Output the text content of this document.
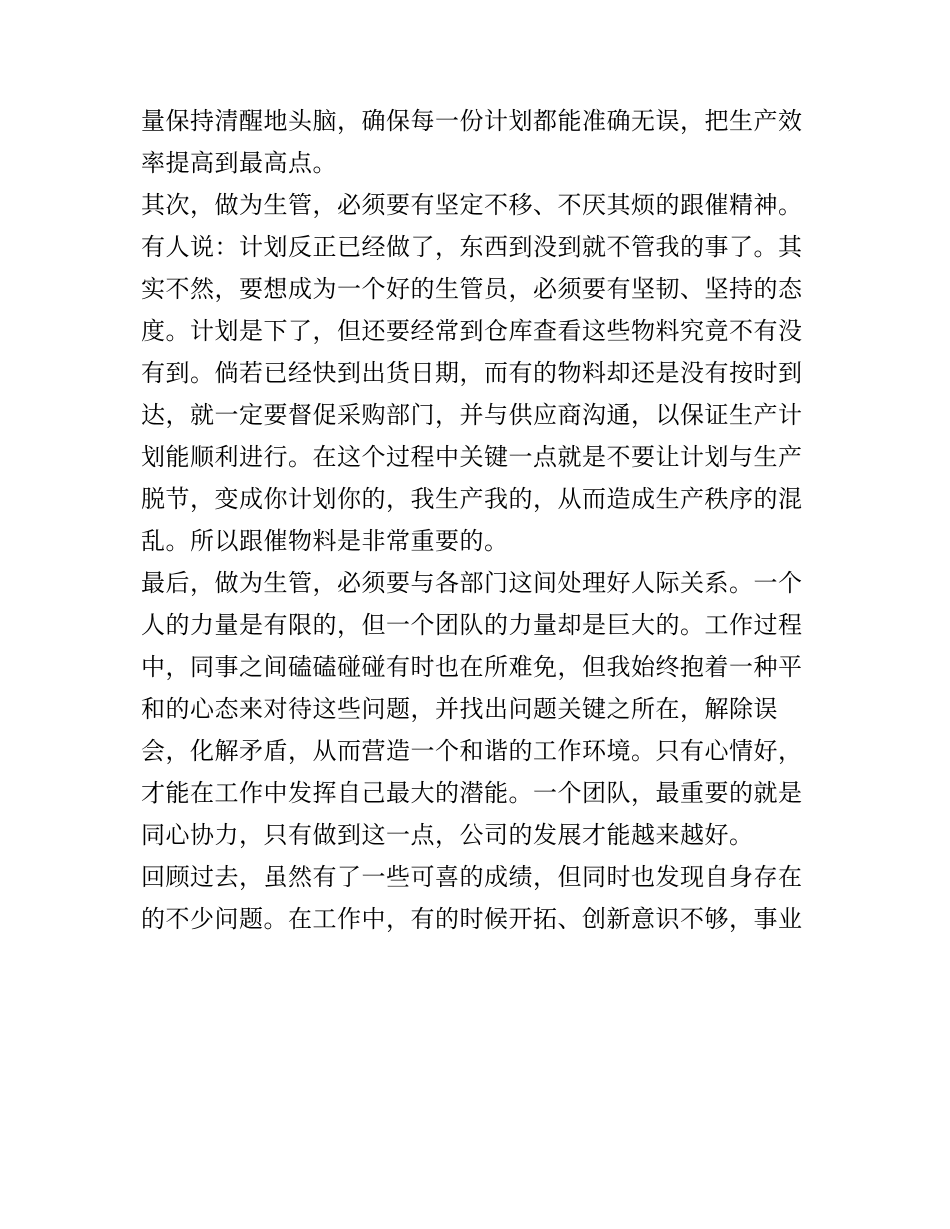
量保持清醒地头脑，确保每一份计划都能准确无误，把生产效
率提高到最高点。
其次，做为生管，必须要有坚定不移、不厌其烦的跟催精神。
有人说：计划反正已经做了，东西到没到就不管我的事了。其
实不然，要想成为一个好的生管员，必须要有坚韧、坚持的态
度。计划是下了，但还要经常到仓库查看这些物料究竟不有没
有到。倘若已经快到出货日期，而有的物料却还是没有按时到
达，就一定要督促采购部门，并与供应商沟通，以保证生产计
划能顺利进行。在这个过程中关键一点就是不要让计划与生产
脱节，变成你计划你的，我生产我的，从而造成生产秩序的混
乱。所以跟催物料是非常重要的。
最后，做为生管，必须要与各部门这间处理好人际关系。一个
人的力量是有限的，但一个团队的力量却是巨大的。工作过程
中，同事之间磕磕碰碰有时也在所难免，但我始终抱着一种平
和的心态来对待这些问题，并找出问题关键之所在，解除误
会，化解矛盾，从而营造一个和谐的工作环境。只有心情好，
才能在工作中发挥自己最大的潜能。一个团队，最重要的就是
同心协力，只有做到这一点，公司的发展才能越来越好。
回顾过去，虽然有了一些可喜的成绩，但同时也发现自身存在
的不少问题。在工作中，有的时候开拓、创新意识不够，事业
